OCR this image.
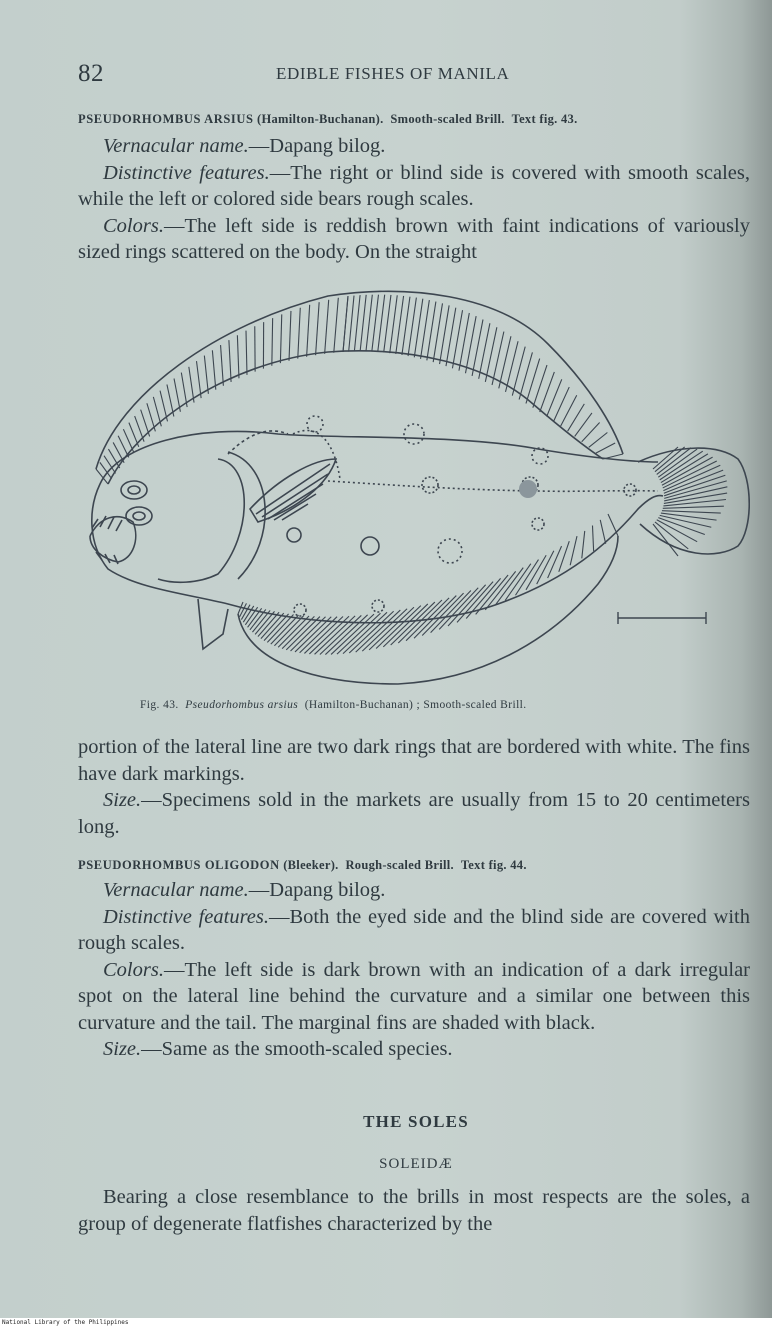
82	EDIBLE FISHES OF MANILA
PSEUDORHOMBUS ARSIUS (Hamilton-Buchanan). Smooth-scaled Brill. Text fig. 43.

Vernacular name.—Dapang bilog.

Distinctive features.—The right or blind side is covered with smooth scales, while the left or colored side bears rough scales.

Colors.—The left side is reddish brown with faint indications of variously sized rings scattered on the body. On the straight

Fig. 43. Pseudorhombus arsius (Hamilton-Buchanan) ; Smooth-scaled Brill.

portion of the lateral line are two dark rings that are bordered with white. The fins have dark markings.

Size.—Specimens sold in the markets are usually from 15 to 20 centimeters long.

PSEUDORHOMBUS OLIGODON (Bleeker). Rough-scaled Brill. Text fig. 44.

Vernacular name.—Dapang bilog.

Distinctive features.—Both the eyed side and the blind side are covered with rough scales.

Colors.—The left side is dark brown with an indication of a dark irregular spot on the lateral line behind the curvature and a similar one between this curvature and the tail. The marginal fins are shaded with black.

Size.—Same as the smooth-scaled species.

THE SOLES
SOLEIDÆ

Bearing a close resemblance to the brills in most respects are the soles, a group of degenerate flatfishes characterized by the

National Library of the Philippines
